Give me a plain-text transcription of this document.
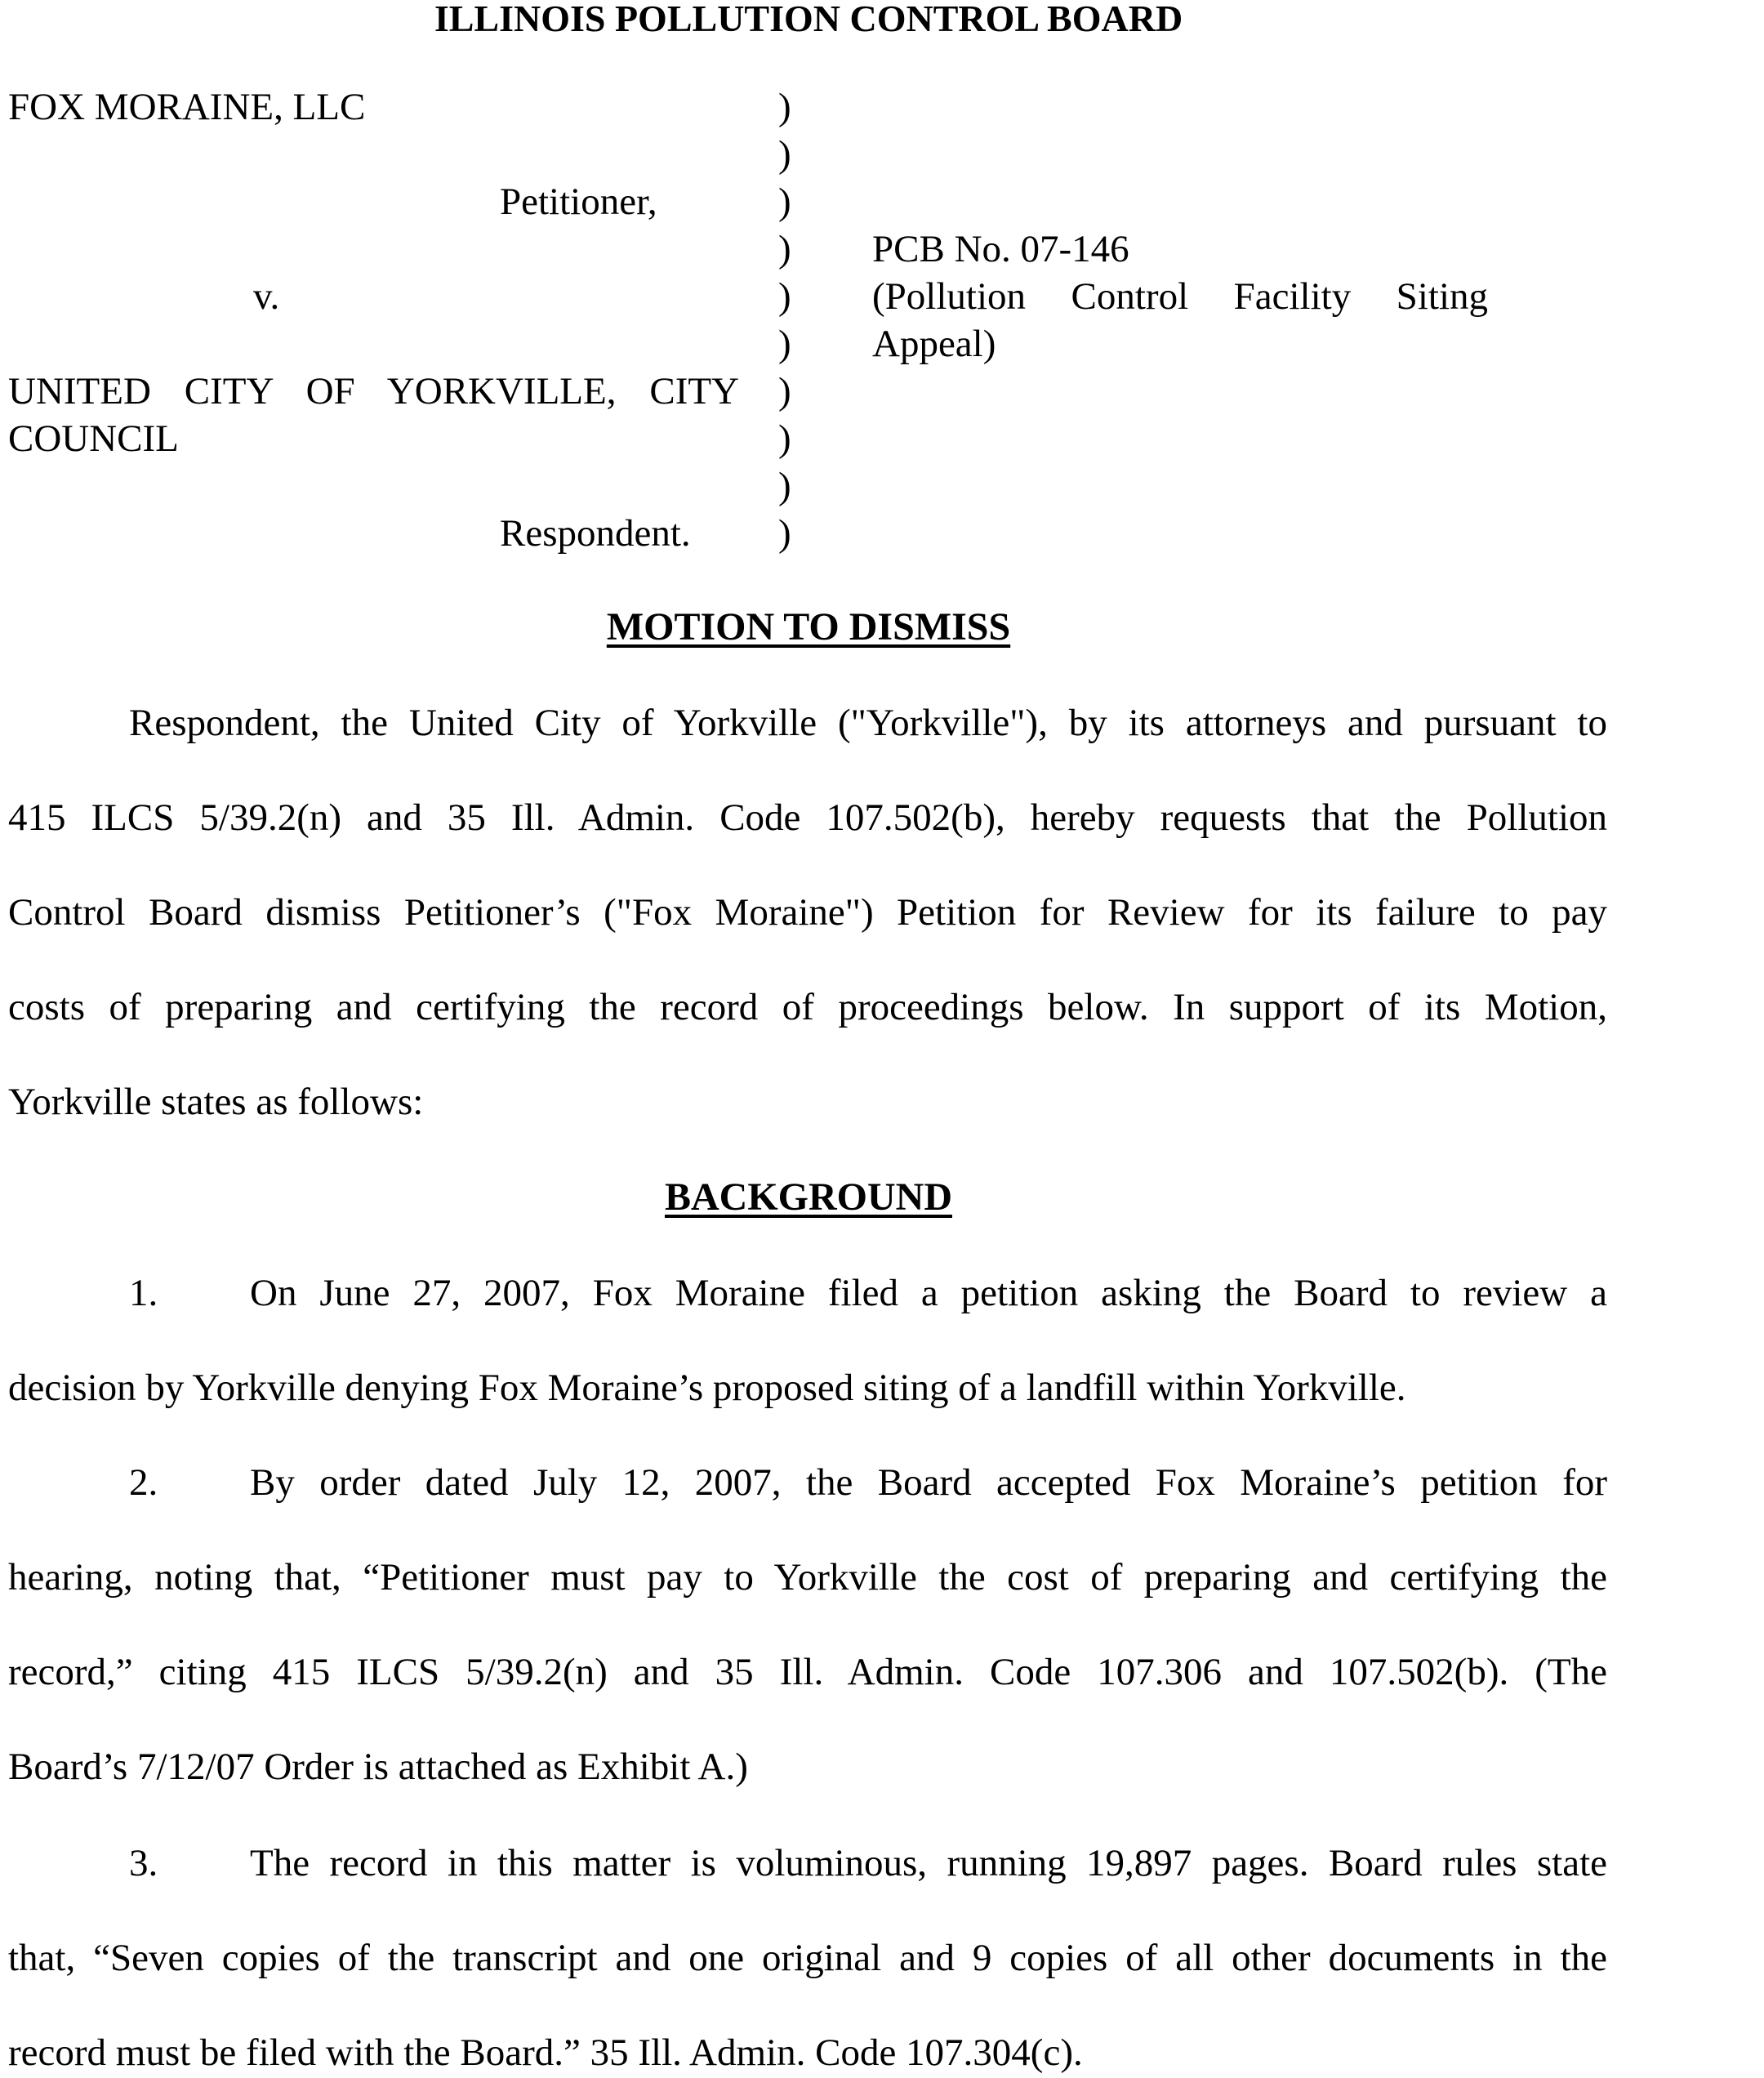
ILLINOIS POLLUTION CONTROL BOARD
FOX MORAINE, LLC
Petitioner,
v.
UNITED CITY OF YORKVILLE, CITY
COUNCIL
Respondent.
)
)
)
)
)
)
)
)
)
)
PCB No. 07-146
(Pollution Control Facility Siting
Appeal)
MOTION TO DISMISS
Respondent, the United City of Yorkville ("Yorkville"), by its attorneys and pursuant to
415 ILCS 5/39.2(n) and 35 Ill. Admin. Code 107.502(b), hereby requests that the Pollution
Control Board dismiss Petitioner’s ("Fox Moraine") Petition for Review for its failure to pay
costs of preparing and certifying the record of proceedings below. In support of its Motion,
Yorkville states as follows:
BACKGROUND
1. On June 27, 2007, Fox Moraine filed a petition asking the Board to review a
decision by Yorkville denying Fox Moraine’s proposed siting of a landfill within Yorkville.
2. By order dated July 12, 2007, the Board accepted Fox Moraine’s petition for
hearing, noting that, “Petitioner must pay to Yorkville the cost of preparing and certifying the
record,” citing 415 ILCS 5/39.2(n) and 35 Ill. Admin. Code 107.306 and 107.502(b). (The
Board’s 7/12/07 Order is attached as Exhibit A.)
3. The record in this matter is voluminous, running 19,897 pages. Board rules state
that, “Seven copies of the transcript and one original and 9 copies of all other documents in the
record must be filed with the Board.” 35 Ill. Admin. Code 107.304(c).
